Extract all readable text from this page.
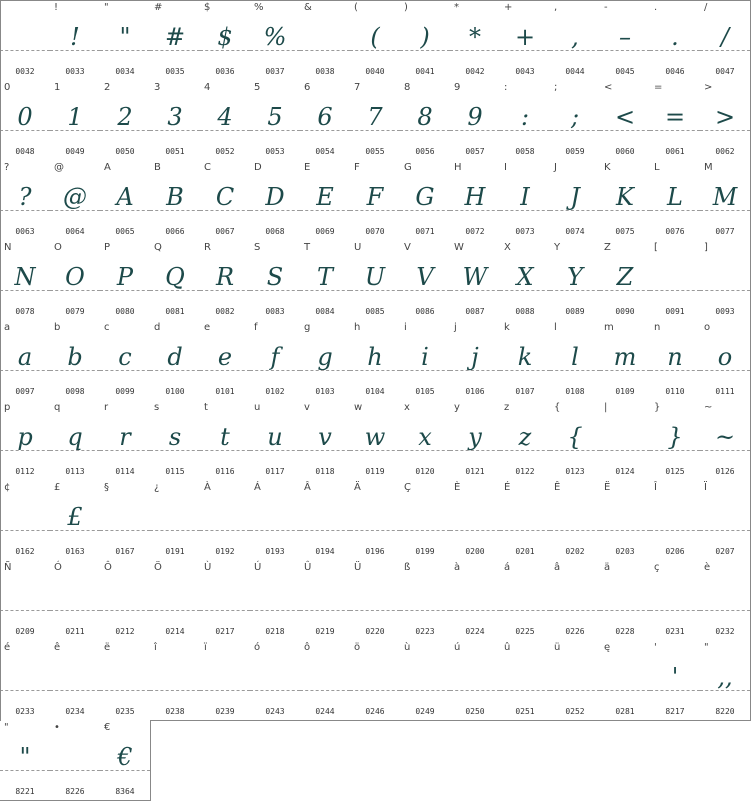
0032
!
!
0033
"
"
0034
#
#
0035
$
$
0036
%
%
0037
&
0038
(
(
0040
)
)
0041
*
*
0042
+
+
0043
,
,
0044
-
–
0045
.
.
0046
/
/
0047
0
0
0048
1
1
0049
2
2
0050
3
3
0051
4
4
0052
5
5
0053
6
6
0054
7
7
0055
8
8
0056
9
9
0057
:
:
0058
;
;
0059
<
<
0060
=
=
0061
>
>
0062
?
?
0063
@
@
0064
A
A
0065
B
B
0066
C
C
0067
D
D
0068
E
E
0069
F
F
0070
G
G
0071
H
H
0072
I
I
0073
J
J
0074
K
K
0075
L
L
0076
M
M
0077
N
N
0078
O
O
0079
P
P
0080
Q
Q
0081
R
R
0082
S
S
0083
T
T
0084
U
U
0085
V
V
0086
W
W
0087
X
X
0088
Y
Y
0089
Z
Z
0090
[
0091
]
0093
a
a
0097
b
b
0098
c
c
0099
d
d
0100
e
e
0101
f
f
0102
g
g
0103
h
h
0104
i
i
0105
j
j
0106
k
k
0107
l
l
0108
m
m
0109
n
n
0110
o
o
0111
p
p
0112
q
q
0113
r
r
0114
s
s
0115
t
t
0116
u
u
0117
v
v
0118
w
w
0119
x
x
0120
y
y
0121
z
z
0122
{
{
0123
|
0124
}
}
0125
~
~
0126
¢
0162
£
£
0163
§
0167
¿
0191
À
0192
Á
0193
Â
0194
Ä
0196
Ç
0199
È
0200
É
0201
Ê
0202
Ë
0203
Î
0206
Ï
0207
Ñ
0209
Ó
0211
Ô
0212
Ö
0214
Ù
0217
Ú
0218
Û
0219
Ü
0220
ß
0223
à
0224
á
0225
â
0226
ä
0228
ç
0231
è
0232
é
0233
ê
0234
ë
0235
î
0238
ï
0239
ó
0243
ô
0244
ö
0246
ù
0249
ú
0250
û
0251
ü
0252
ę
0281
'
'
8217
"
,,
8220
"
"
8221
•
8226
€
€
8364
